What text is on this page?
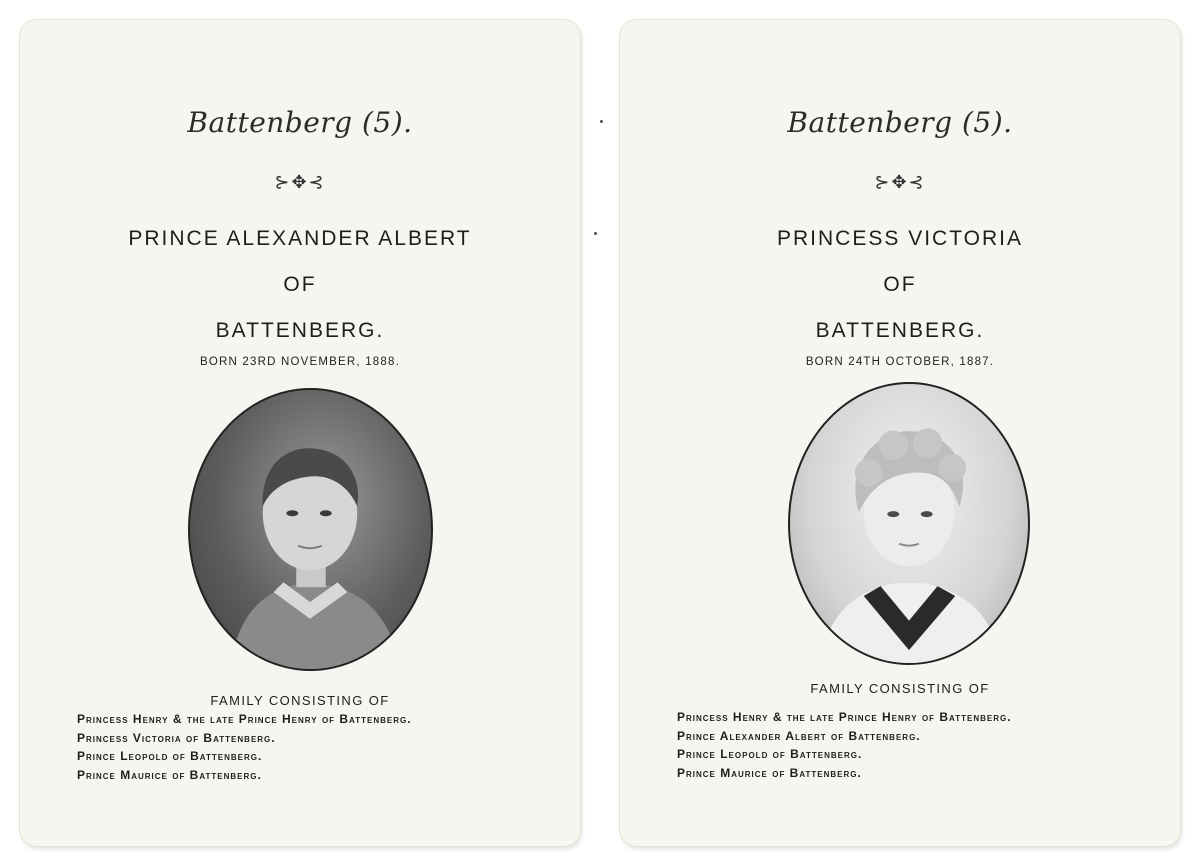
Battenberg (5).
⊱✥⊰
PRINCE ALEXANDER ALBERT
OF
BATTENBERG.
BORN 23RD NOVEMBER, 1888.
FAMILY CONSISTING OF
Princess Henry & the late Prince Henry of Battenberg.
Princess Victoria of Battenberg.
Prince Leopold of Battenberg.
Prince Maurice of Battenberg.
Battenberg (5).
⊱✥⊰
PRINCESS VICTORIA
OF
BATTENBERG.
BORN 24TH OCTOBER, 1887.
FAMILY CONSISTING OF
Princess Henry & the late Prince Henry of Battenberg.
Prince Alexander Albert of Battenberg.
Prince Leopold of Battenberg.
Prince Maurice of Battenberg.
